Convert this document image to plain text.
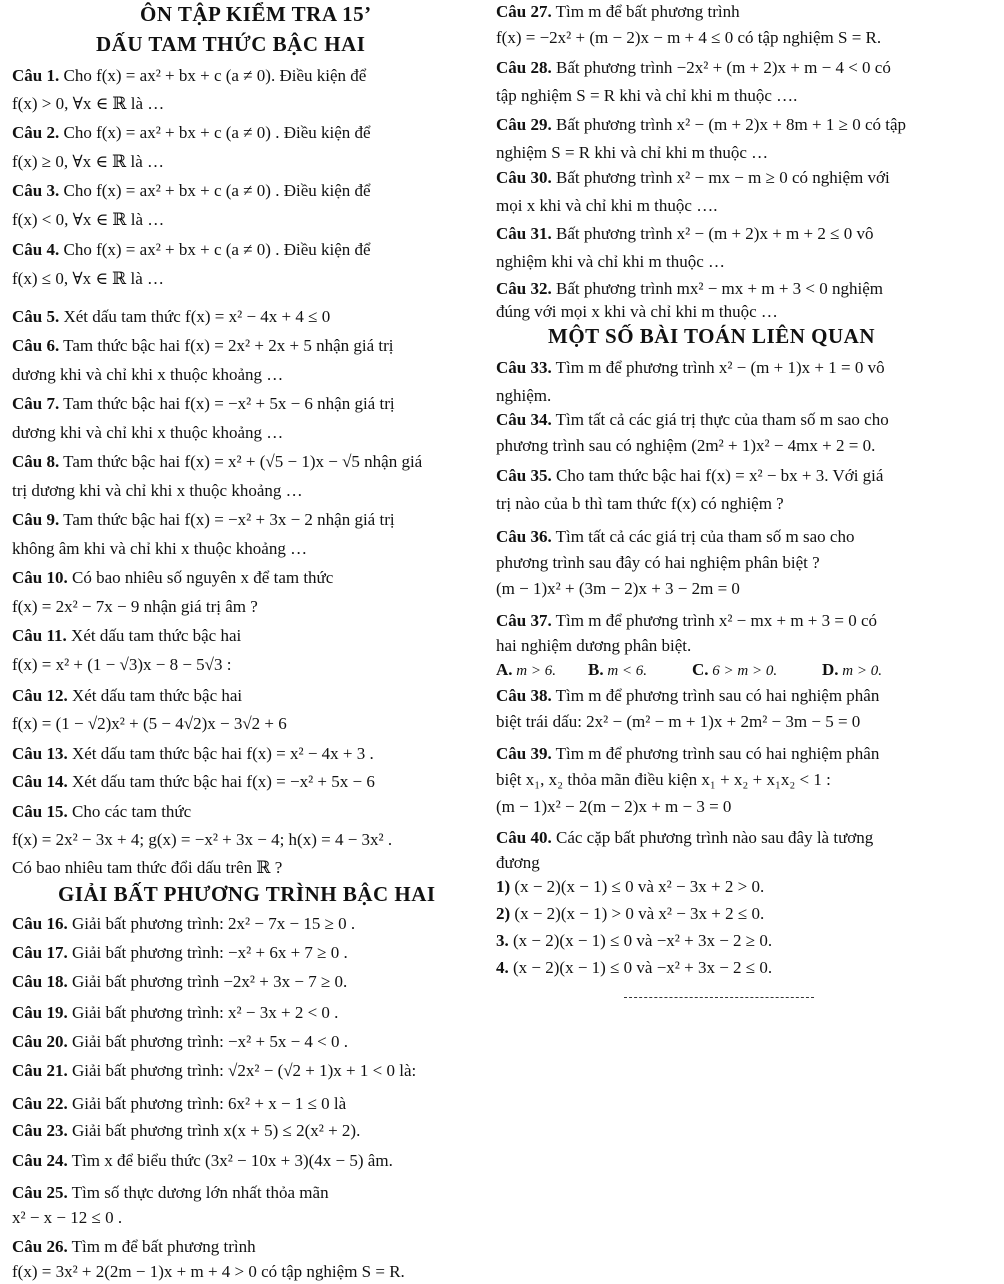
ÔN TẬP KIỂM TRA 15’
DẤU TAM THỨC BẬC HAI
Câu 1. Cho f(x) = ax² + bx + c (a ≠ 0). Điều kiện để
f(x) > 0, ∀x ∈ ℝ là …
Câu 2. Cho f(x) = ax² + bx + c (a ≠ 0) . Điều kiện để
f(x) ≥ 0, ∀x ∈ ℝ là …
Câu 3. Cho f(x) = ax² + bx + c (a ≠ 0) . Điều kiện để
f(x) < 0, ∀x ∈ ℝ là …
Câu 4. Cho f(x) = ax² + bx + c (a ≠ 0) . Điều kiện để
f(x) ≤ 0, ∀x ∈ ℝ là …
Câu 5. Xét dấu tam thức f(x) = x² − 4x + 4 ≤ 0
Câu 6. Tam thức bậc hai f(x) = 2x² + 2x + 5 nhận giá trị
dương khi và chỉ khi x thuộc khoảng …
Câu 7. Tam thức bậc hai f(x) = −x² + 5x − 6 nhận giá trị
dương khi và chỉ khi x thuộc khoảng …
Câu 8. Tam thức bậc hai f(x) = x² + (√5 − 1)x − √5 nhận giá
trị dương khi và chỉ khi x thuộc khoảng …
Câu 9. Tam thức bậc hai f(x) = −x² + 3x − 2 nhận giá trị
không âm khi và chỉ khi x thuộc khoảng …
Câu 10. Có bao nhiêu số nguyên x để tam thức
f(x) = 2x² − 7x − 9 nhận giá trị âm ?
Câu 11. Xét dấu tam thức bậc hai
f(x) = x² + (1 − √3)x − 8 − 5√3 :
Câu 12. Xét dấu tam thức bậc hai
f(x) = (1 − √2)x² + (5 − 4√2)x − 3√2 + 6
Câu 13. Xét dấu tam thức bậc hai f(x) = x² − 4x + 3 .
Câu 14. Xét dấu tam thức bậc hai f(x) = −x² + 5x − 6
Câu 15. Cho các tam thức
f(x) = 2x² − 3x + 4; g(x) = −x² + 3x − 4; h(x) = 4 − 3x² .
Có bao nhiêu tam thức đổi dấu trên ℝ ?
GIẢI BẤT PHƯƠNG TRÌNH BẬC HAI
Câu 16. Giải bất phương trình: 2x² − 7x − 15 ≥ 0 .
Câu 17. Giải bất phương trình: −x² + 6x + 7 ≥ 0 .
Câu 18. Giải bất phương trình −2x² + 3x − 7 ≥ 0.
Câu 19. Giải bất phương trình: x² − 3x + 2 < 0 .
Câu 20. Giải bất phương trình: −x² + 5x − 4 < 0 .
Câu 21. Giải bất phương trình: √2x² − (√2 + 1)x + 1 < 0 là:
Câu 22. Giải bất phương trình: 6x² + x − 1 ≤ 0 là
Câu 23. Giải bất phương trình x(x + 5) ≤ 2(x² + 2).
Câu 24. Tìm x để biểu thức (3x² − 10x + 3)(4x − 5) âm.
Câu 25. Tìm số thực dương lớn nhất thỏa mãn
x² − x − 12 ≤ 0 .
Câu 26. Tìm m để bất phương trình
f(x) = 3x² + 2(2m − 1)x + m + 4 > 0 có tập nghiệm S = R.
Câu 27. Tìm m để bất phương trình
f(x) = −2x² + (m − 2)x − m + 4 ≤ 0 có tập nghiệm S = R.
Câu 28. Bất phương trình −2x² + (m + 2)x + m − 4 < 0 có
tập nghiệm S = R khi và chỉ khi m thuộc ….
Câu 29. Bất phương trình x² − (m + 2)x + 8m + 1 ≥ 0 có tập
nghiệm S = R khi và chỉ khi m thuộc …
Câu 30. Bất phương trình x² − mx − m ≥ 0 có nghiệm với
mọi x khi và chỉ khi m thuộc ….
Câu 31. Bất phương trình x² − (m + 2)x + m + 2 ≤ 0 vô
nghiệm khi và chỉ khi m thuộc …
Câu 32. Bất phương trình mx² − mx + m + 3 < 0 nghiệm
đúng với mọi x khi và chỉ khi m thuộc …
MỘT SỐ BÀI TOÁN LIÊN QUAN
Câu 33. Tìm m để phương trình x² − (m + 1)x + 1 = 0 vô
nghiệm.
Câu 34. Tìm tất cả các giá trị thực của tham số m sao cho
phương trình sau có nghiệm (2m² + 1)x² − 4mx + 2 = 0.
Câu 35. Cho tam thức bậc hai f(x) = x² − bx + 3. Với giá
trị nào của b thì tam thức f(x) có nghiệm ?
Câu 36. Tìm tất cả các giá trị của tham số m sao cho
phương trình sau đây có hai nghiệm phân biệt ?
(m − 1)x² + (3m − 2)x + 3 − 2m = 0
Câu 37. Tìm m để phương trình x² − mx + m + 3 = 0 có
hai nghiệm dương phân biệt.
A. m > 6. B. m < 6.	C. 6 > m > 0.	D. m > 0.
Câu 38. Tìm m để phương trình sau có hai nghiệm phân
biệt trái dấu: 2x² − (m² − m + 1)x + 2m² − 3m − 5 = 0
Câu 39. Tìm m để phương trình sau có hai nghiệm phân
biệt x₁, x₂ thỏa mãn điều kiện x₁ + x₂ + x₁x₂ < 1 :
(m − 1)x² − 2(m − 2)x + m − 3 = 0
Câu 40. Các cặp bất phương trình nào sau đây là tương
đương
1) (x − 2)(x − 1) ≤ 0 và x² − 3x + 2 > 0.
2) (x − 2)(x − 1) > 0 và x² − 3x + 2 ≤ 0.
3. (x − 2)(x − 1) ≤ 0 và −x² + 3x − 2 ≥ 0.
4. (x − 2)(x − 1) ≤ 0 và −x² + 3x − 2 ≤ 0.
